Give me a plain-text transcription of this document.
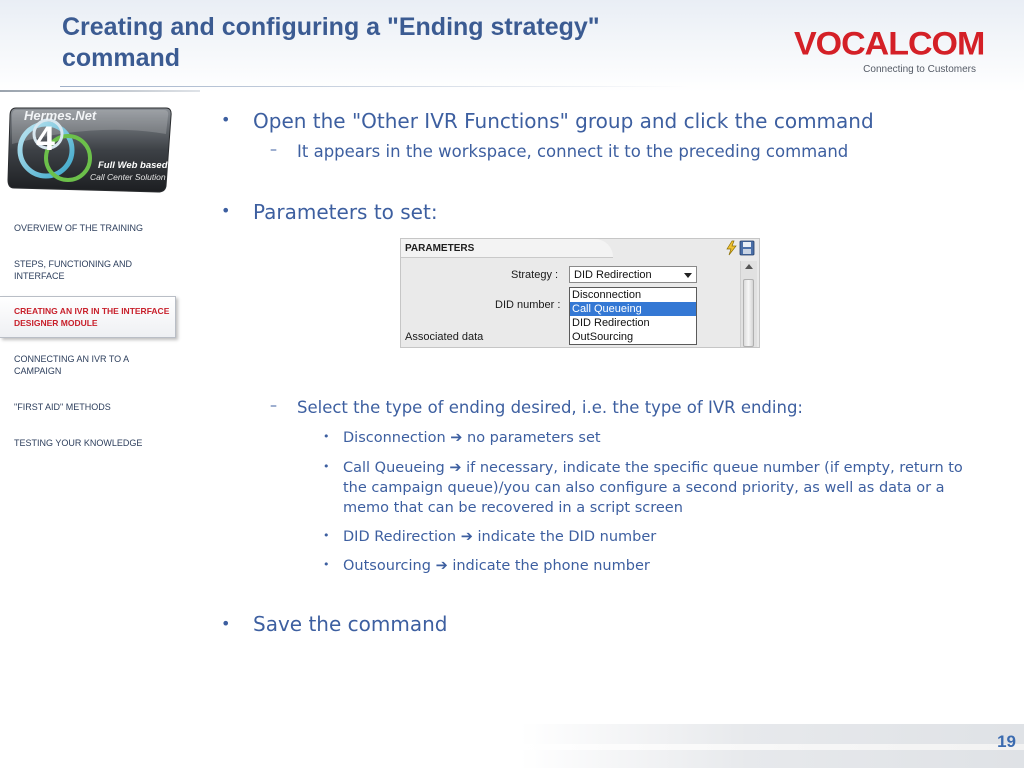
Creating and configuring a "Ending strategy"
command	VOCALCOM
Connecting to Customers
Hermes.Net
4
Full Web based
Call Center Solution
OVERVIEW OF THE TRAINING
STEPS, FUNCTIONING AND INTERFACE
CREATING AN IVR IN THE INTERFACE DESIGNER MODULE
CONNECTING AN IVR TO A CAMPAIGN
"FIRST AID" METHODS
TESTING YOUR KNOWLEDGE
• Open the "Other IVR Functions" group and click the command
– It appears in the workspace, connect it to the preceding command
• Parameters to set:
PARAMETERS
Strategy :	DID Redirection
Disconnection
Call Queueing
DID Redirection
OutSourcing
DID number :
Associated data
– Select the type of ending desired, i.e. the type of IVR ending:
• Disconnection ➔ no parameters set
• Call Queueing ➔ if necessary, indicate the specific queue number (if empty, return to the campaign queue)/you can also configure a second priority, as well as data or a memo that can be recovered in a script screen
• DID Redirection ➔ indicate the DID number
• Outsourcing ➔ indicate the phone number
• Save the command
19
